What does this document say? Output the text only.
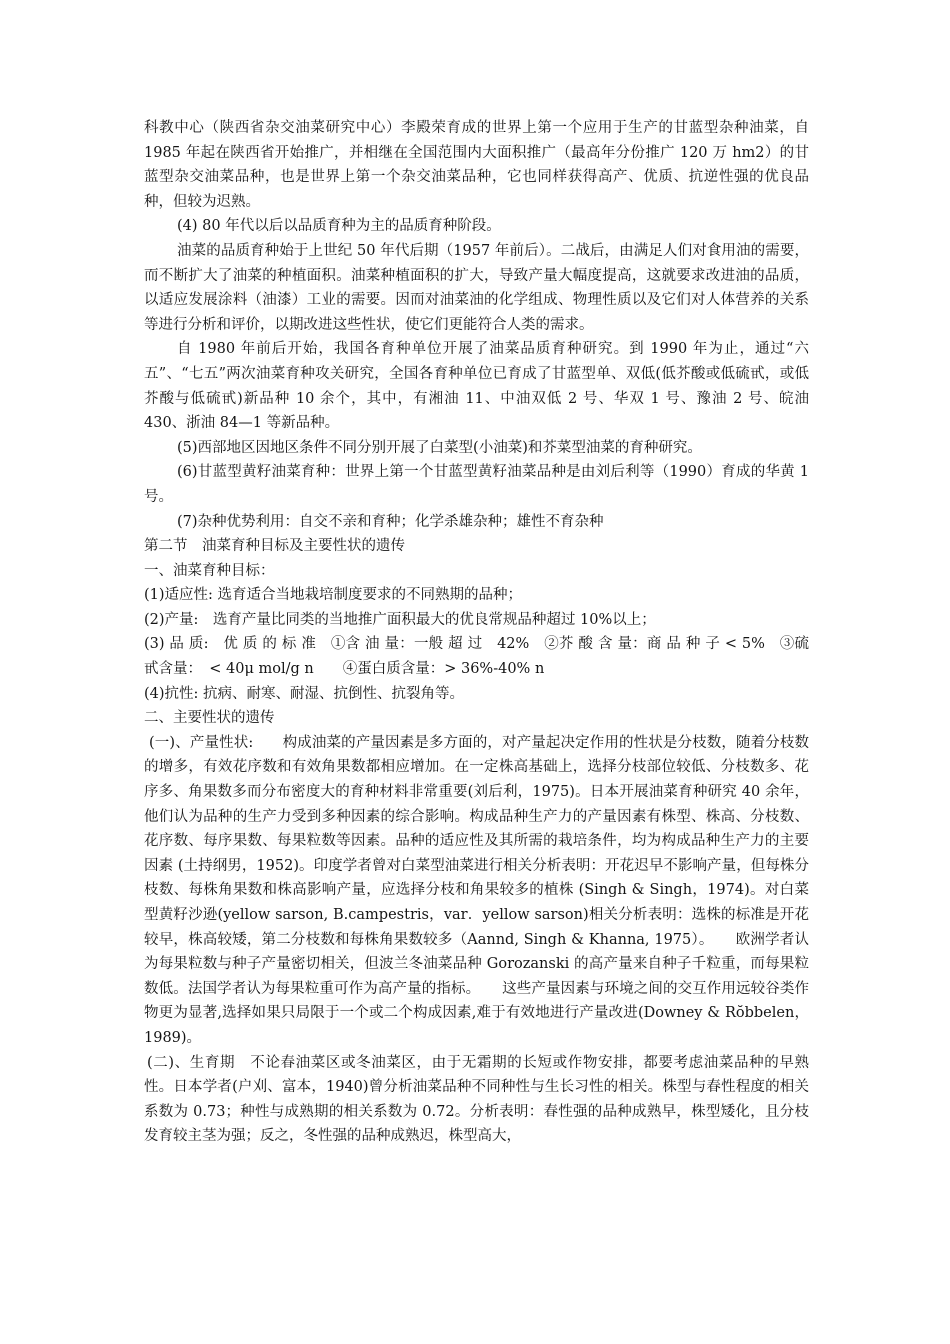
科教中心（陕西省杂交油菜研究中心）李殿荣育成的世界上第一个应用于生产的甘蓝型杂种油菜，自 1985 年起在陕西省开始推广，并相继在全国范围内大面积推广（最高年分份推广 120 万 hm2）的甘蓝型杂交油菜品种，也是世界上第一个杂交油菜品种，它也同样获得高产、优质、抗逆性强的优良品种，但较为迟熟。

(4) 80 年代以后以品质育种为主的品质育种阶段。

油菜的品质育种始于上世纪 50 年代后期（1957 年前后）。二战后，由满足人们对食用油的需要，而不断扩大了油菜的种植面积。油菜种植面积的扩大，导致产量大幅度提高，这就要求改进油的品质，以适应发展涂料（油漆）工业的需要。因而对油菜油的化学组成、物理性质以及它们对人体营养的关系等进行分析和评价，以期改进这些性状，使它们更能符合人类的需求。

自 1980 年前后开始，我国各育种单位开展了油菜品质育种研究。到 1990 年为止，通过“六五”、“七五”两次油菜育种攻关研究，全国各育种单位已育成了甘蓝型单、双低(低芥酸或低硫甙，或低芥酸与低硫甙)新品种 10 余个，其中，有湘油 11、中油双低 2 号、华双 1 号、豫油 2 号、皖油 430、浙油 84—1 等新品种。

(5)西部地区因地区条件不同分别开展了白菜型(小油菜)和芥菜型油菜的育种研究。

(6)甘蓝型黄籽油菜育种：世界上第一个甘蓝型黄籽油菜品种是由刘后利等（1990）育成的华黄 1 号。

(7)杂种优势利用：自交不亲和育种；化学杀雄杂种；雄性不育杂种

第二节　油菜育种目标及主要性状的遗传

一、油菜育种目标：

(1)适应性: 选育适合当地栽培制度要求的不同熟期的品种；

(2)产量:　选育产量比同类的当地推广面积最大的优良常规品种超过 10%以上；

(3) 品 质:　优 质 的 标 准　①含 油 量：一般 超 过　42%　②芥 酸 含 量：商 品 种 子 < 5%　③硫甙含量：　< 40μ mol/g n　　④蛋白质含量：> 36%-40% n

(4)抗性: 抗病、耐寒、耐湿、抗倒性、抗裂角等。

二、主要性状的遗传

(一)、产量性状:　　构成油菜的产量因素是多方面的，对产量起决定作用的性状是分枝数，随着分枝数的增多，有效花序数和有效角果数都相应增加。在一定株高基础上，选择分枝部位较低、分枝数多、花序多、角果数多而分布密度大的育种材料非常重要(刘后利，1975)。日本开展油菜育种研究 40 余年，他们认为品种的生产力受到多种因素的综合影响。构成品种生产力的产量因素有株型、株高、分枝数、花序数、每序果数、每果粒数等因素。品种的适应性及其所需的栽培条件，均为构成品种生产力的主要因素 (土持纲男，1952)。印度学者曾对白菜型油菜进行相关分析表明：开花迟早不影响产量，但每株分枝数、每株角果数和株高影响产量，应选择分枝和角果较多的植株 (Singh & Singh，1974)。对白菜型黄籽沙逊(yellow sarson, B.campestris，var．yellow sarson)相关分析表明：选株的标准是开花较早，株高较矮，第二分枝数和每株角果数较多（Aannd, Singh & Khanna, 1975）。　　欧洲学者认为每果粒数与种子产量密切相关，但波兰冬油菜品种 Gorozanski 的高产量来自种子千粒重，而每果粒数低。法国学者认为每果粒重可作为高产量的指标。　　这些产量因素与环境之间的交互作用远较谷类作物更为显著,选择如果只局限于一个或二个构成因素,难于有效地进行产量改进(Downey & Rŏbbelen，1989)。

(二)、生育期　不论春油菜区或冬油菜区，由于无霜期的长短或作物安排，都要考虑油菜品种的早熟性。日本学者(户刈、富本，1940)曾分析油菜品种不同种性与生长习性的相关。株型与春性程度的相关系数为 0.73；种性与成熟期的相关系数为 0.72。分析表明：春性强的品种成熟早，株型矮化，且分枝发育较主茎为强；反之，冬性强的品种成熟迟，株型高大，
